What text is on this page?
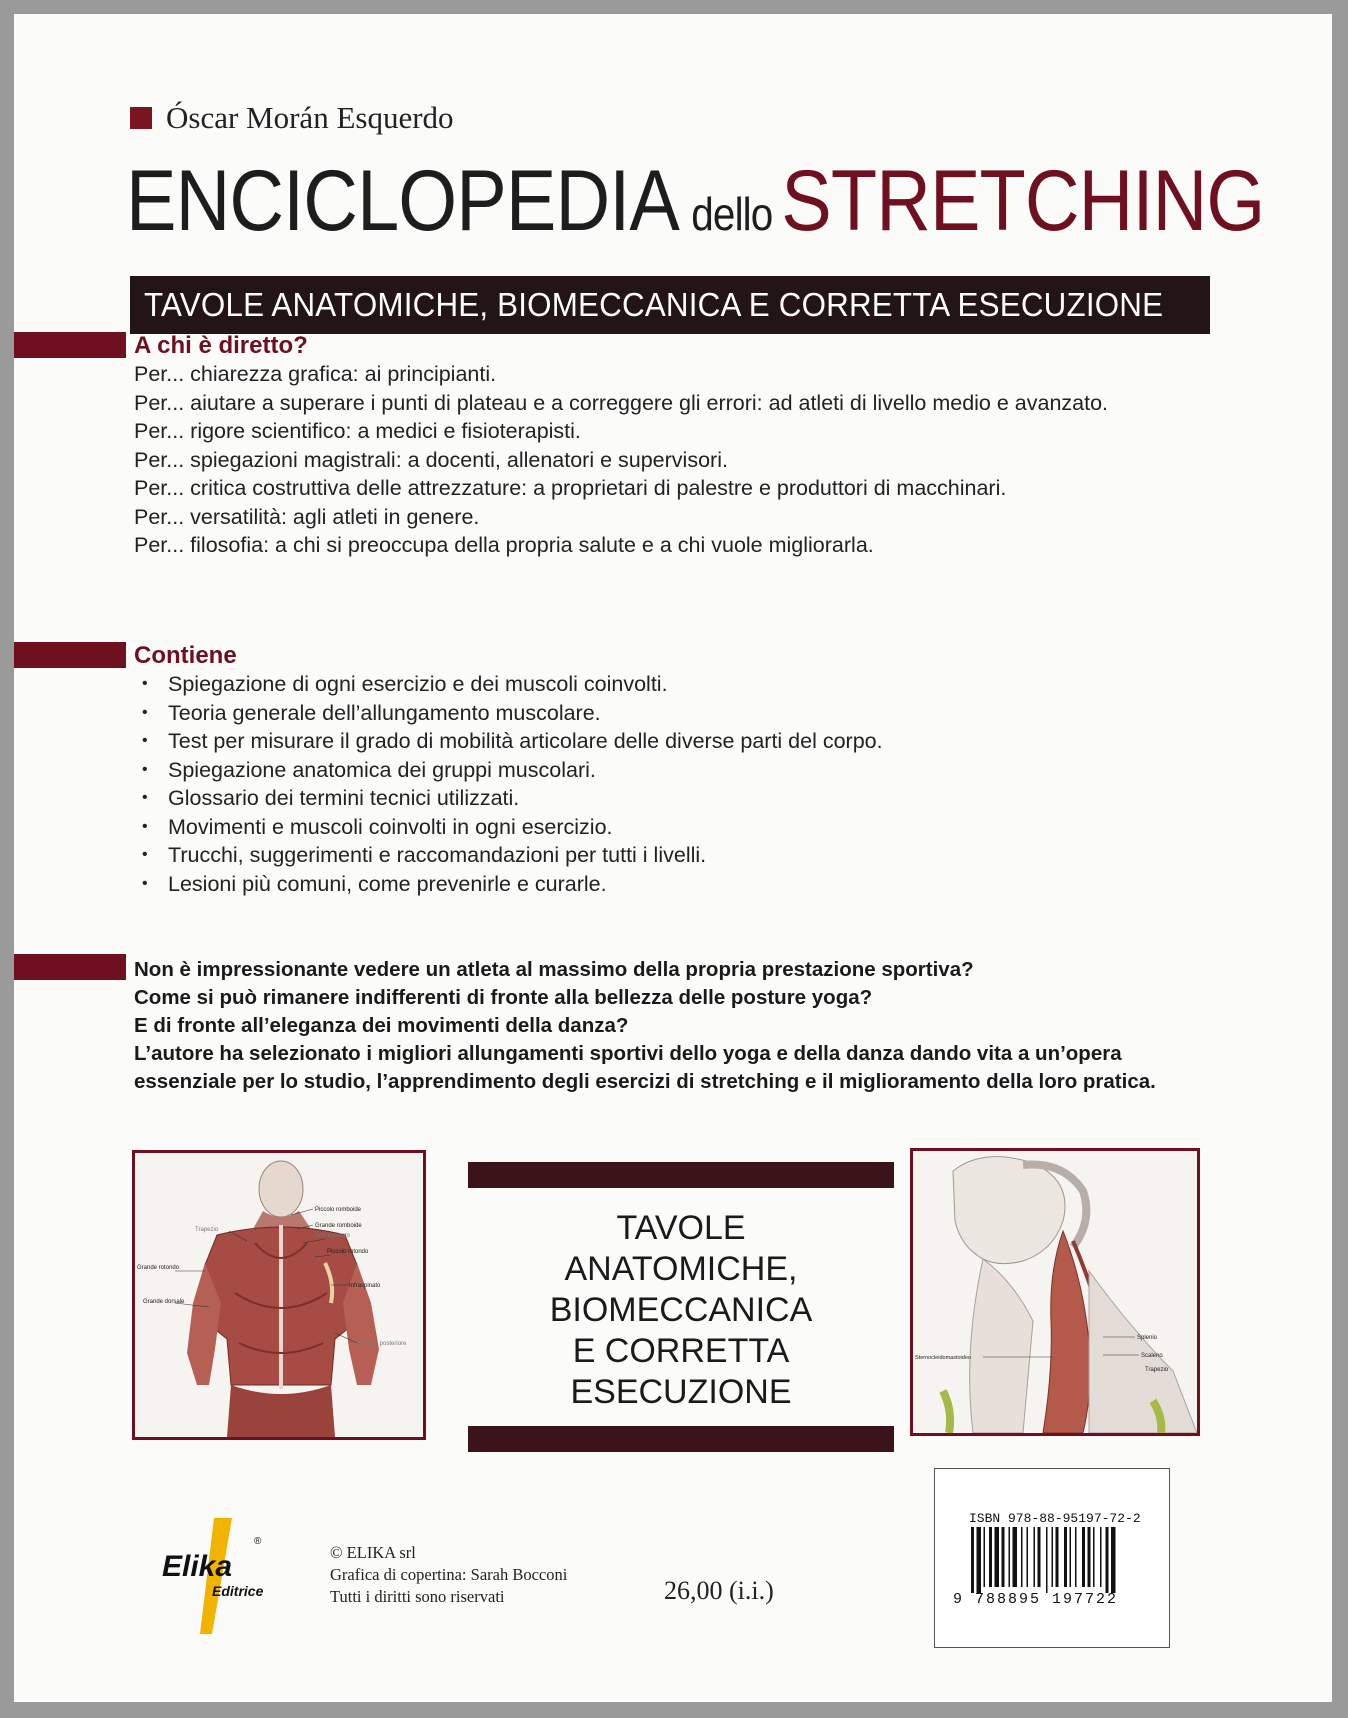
Óscar Morán Esquerdo
ENCICLOPEDIA dello STRETCHING
TAVOLE ANATOMICHE, BIOMECCANICA E CORRETTA ESECUZIONE
A chi è diretto?
Per... chiarezza grafica: ai principianti.
Per... aiutare a superare i punti di plateau e a correggere gli errori: ad atleti di livello medio e avanzato.
Per... rigore scientifico: a medici e fisioterapisti.
Per... spiegazioni magistrali: a docenti, allenatori e supervisori.
Per... critica costruttiva delle attrezzature: a proprietari di palestre e produttori di macchinari.
Per... versatilità: agli atleti in genere.
Per... filosofia: a chi si preoccupa della propria salute e a chi vuole migliorarla.
Contiene
• Spiegazione di ogni esercizio e dei muscoli coinvolti.
• Teoria generale dell’allungamento muscolare.
• Test per misurare il grado di mobilità articolare delle diverse parti del corpo.
• Spiegazione anatomica dei gruppi muscolari.
• Glossario dei termini tecnici utilizzati.
• Movimenti e muscoli coinvolti in ogni esercizio.
• Trucchi, suggerimenti e raccomandazioni per tutti i livelli.
• Lesioni più comuni, come prevenirle e curarle.
Non è impressionante vedere un atleta al massimo della propria prestazione sportiva?
Come si può rimanere indifferenti di fronte alla bellezza delle posture yoga?
E di fronte all’eleganza dei movimenti della danza?
L’autore ha selezionato i migliori allungamenti sportivi dello yoga e della danza dando vita a un’opera
essenziale per lo studio, l’apprendimento degli esercizi di stretching e il miglioramento della loro pratica.
Piccolo romboide
Grande romboide
Sovraspinato
Piccolo rotondo
Infraspinato
Dentato posteriore
Trapezio
Grande rotondo
Grande dorsale
TAVOLE
ANATOMICHE,
BIOMECCANICA
E CORRETTA
ESECUZIONE
Splenio
Scaleno
Trapezio
Sternocleidomastoideo
Elika
®
Editrice
© ELIKA srl
Grafica di copertina: Sarah Bocconi
Tutti i diritti sono riservati	26,00 (i.i.)
ISBN 978-88-95197-72-2
9 788895 197722
